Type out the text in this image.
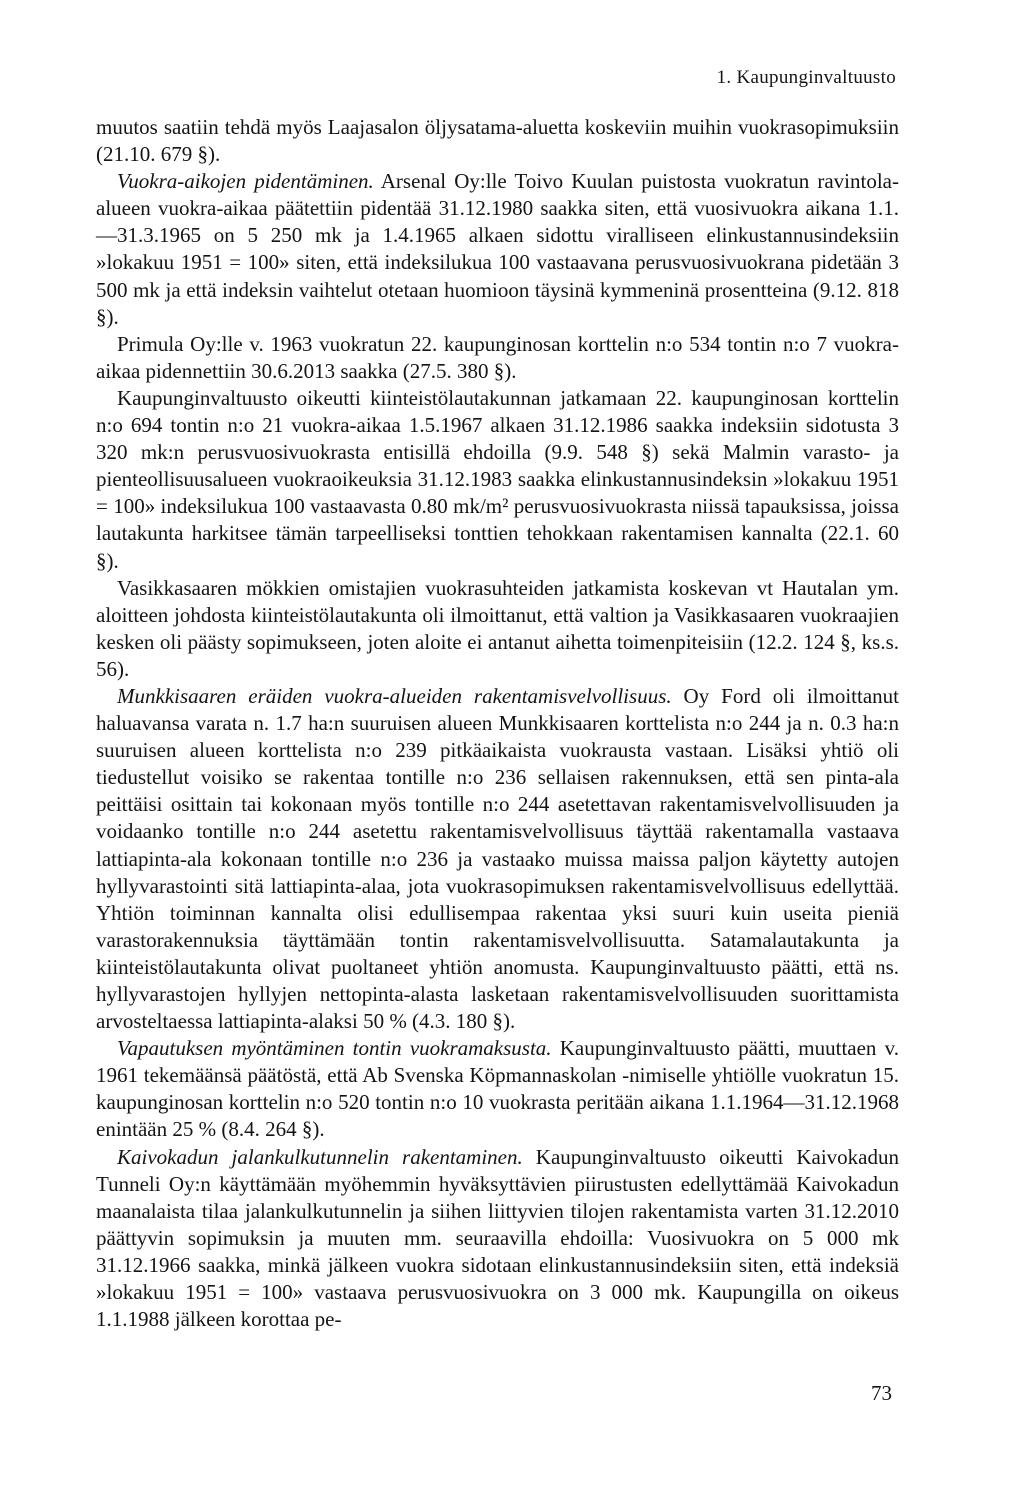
1. Kaupunginvaltuusto

muutos saatiin tehdä myös Laajasalon öljysatama-aluetta koskeviin muihin vuokrasopimuksiin (21.10. 679 §).

Vuokra-aikojen pidentäminen. Arsenal Oy:lle Toivo Kuulan puistosta vuokratun ravintola-alueen vuokra-aikaa päätettiin pidentää 31.12.1980 saakka siten, että vuosivuokra aikana 1.1.—31.3.1965 on 5 250 mk ja 1.4.1965 alkaen sidottu viralliseen elinkustannusindeksiin »lokakuu 1951 = 100» siten, että indeksilukua 100 vastaavana perusvuosivuokrana pidetään 3 500 mk ja että indeksin vaihtelut otetaan huomioon täysinä kymmeninä prosentteina (9.12. 818 §).

Primula Oy:lle v. 1963 vuokratun 22. kaupunginosan korttelin n:o 534 tontin n:o 7 vuokra-aikaa pidennettiin 30.6.2013 saakka (27.5. 380 §).

Kaupunginvaltuusto oikeutti kiinteistölautakunnan jatkamaan 22. kaupunginosan korttelin n:o 694 tontin n:o 21 vuokra-aikaa 1.5.1967 alkaen 31.12.1986 saakka indeksiin sidotusta 3 320 mk:n perusvuosivuokrasta entisillä ehdoilla (9.9. 548 §) sekä Malmin varasto- ja pienteollisuusalueen vuokraoikeuksia 31.12.1983 saakka elinkustannusindeksin »lokakuu 1951 = 100» indeksilukua 100 vastaavasta 0.80 mk/m² perusvuosivuokrasta niissä tapauksissa, joissa lautakunta harkitsee tämän tarpeelliseksi tonttien tehokkaan rakentamisen kannalta (22.1. 60 §).

Vasikkasaaren mökkien omistajien vuokrasuhteiden jatkamista koskevan vt Hautalan ym. aloitteen johdosta kiinteistölautakunta oli ilmoittanut, että valtion ja Vasikkasaaren vuokraajien kesken oli päästy sopimukseen, joten aloite ei antanut aihetta toimenpiteisiin (12.2. 124 §, ks.s. 56).

Munkkisaaren eräiden vuokra-alueiden rakentamisvelvollisuus. Oy Ford oli ilmoittanut haluavansa varata n. 1.7 ha:n suuruisen alueen Munkkisaaren korttelista n:o 244 ja n. 0.3 ha:n suuruisen alueen korttelista n:o 239 pitkäaikaista vuokrausta vastaan. Lisäksi yhtiö oli tiedustellut voisiko se rakentaa tontille n:o 236 sellaisen rakennuksen, että sen pinta-ala peittäisi osittain tai kokonaan myös tontille n:o 244 asetettavan rakentamisvelvollisuuden ja voidaanko tontille n:o 244 asetettu rakentamisvelvollisuus täyttää rakentamalla vastaava lattiapinta-ala kokonaan tontille n:o 236 ja vastaako muissa maissa paljon käytetty autojen hyllyvarastointi sitä lattiapinta-alaa, jota vuokrasopimuksen rakentamisvelvollisuus edellyttää. Yhtiön toiminnan kannalta olisi edullisempaa rakentaa yksi suuri kuin useita pieniä varastorakennuksia täyttämään tontin rakentamisvelvollisuutta. Satamalautakunta ja kiinteistölautakunta olivat puoltaneet yhtiön anomusta. Kaupunginvaltuusto päätti, että ns. hyllyvarastojen hyllyjen nettopinta-alasta lasketaan rakentamisvelvollisuuden suorittamista arvosteltaessa lattiapinta-alaksi 50 % (4.3. 180 §).

Vapautuksen myöntäminen tontin vuokramaksusta. Kaupunginvaltuusto päätti, muuttaen v. 1961 tekemäänsä päätöstä, että Ab Svenska Köpmannaskolan -nimiselle yhtiölle vuokratun 15. kaupunginosan korttelin n:o 520 tontin n:o 10 vuokrasta peritään aikana 1.1.1964—31.12.1968 enintään 25 % (8.4. 264 §).

Kaivokadun jalankulkutunnelin rakentaminen. Kaupunginvaltuusto oikeutti Kaivokadun Tunneli Oy:n käyttämään myöhemmin hyväksyttävien piirustusten edellyttämää Kaivokadun maanalaista tilaa jalankulkutunnelin ja siihen liittyvien tilojen rakentamista varten 31.12.2010 päättyvin sopimuksin ja muuten mm. seuraavilla ehdoilla: Vuosivuokra on 5 000 mk 31.12.1966 saakka, minkä jälkeen vuokra sidotaan elinkustannusindeksiin siten, että indeksiä »lokakuu 1951 = 100» vastaava perusvuosivuokra on 3 000 mk. Kaupungilla on oikeus 1.1.1988 jälkeen korottaa pe-

73
